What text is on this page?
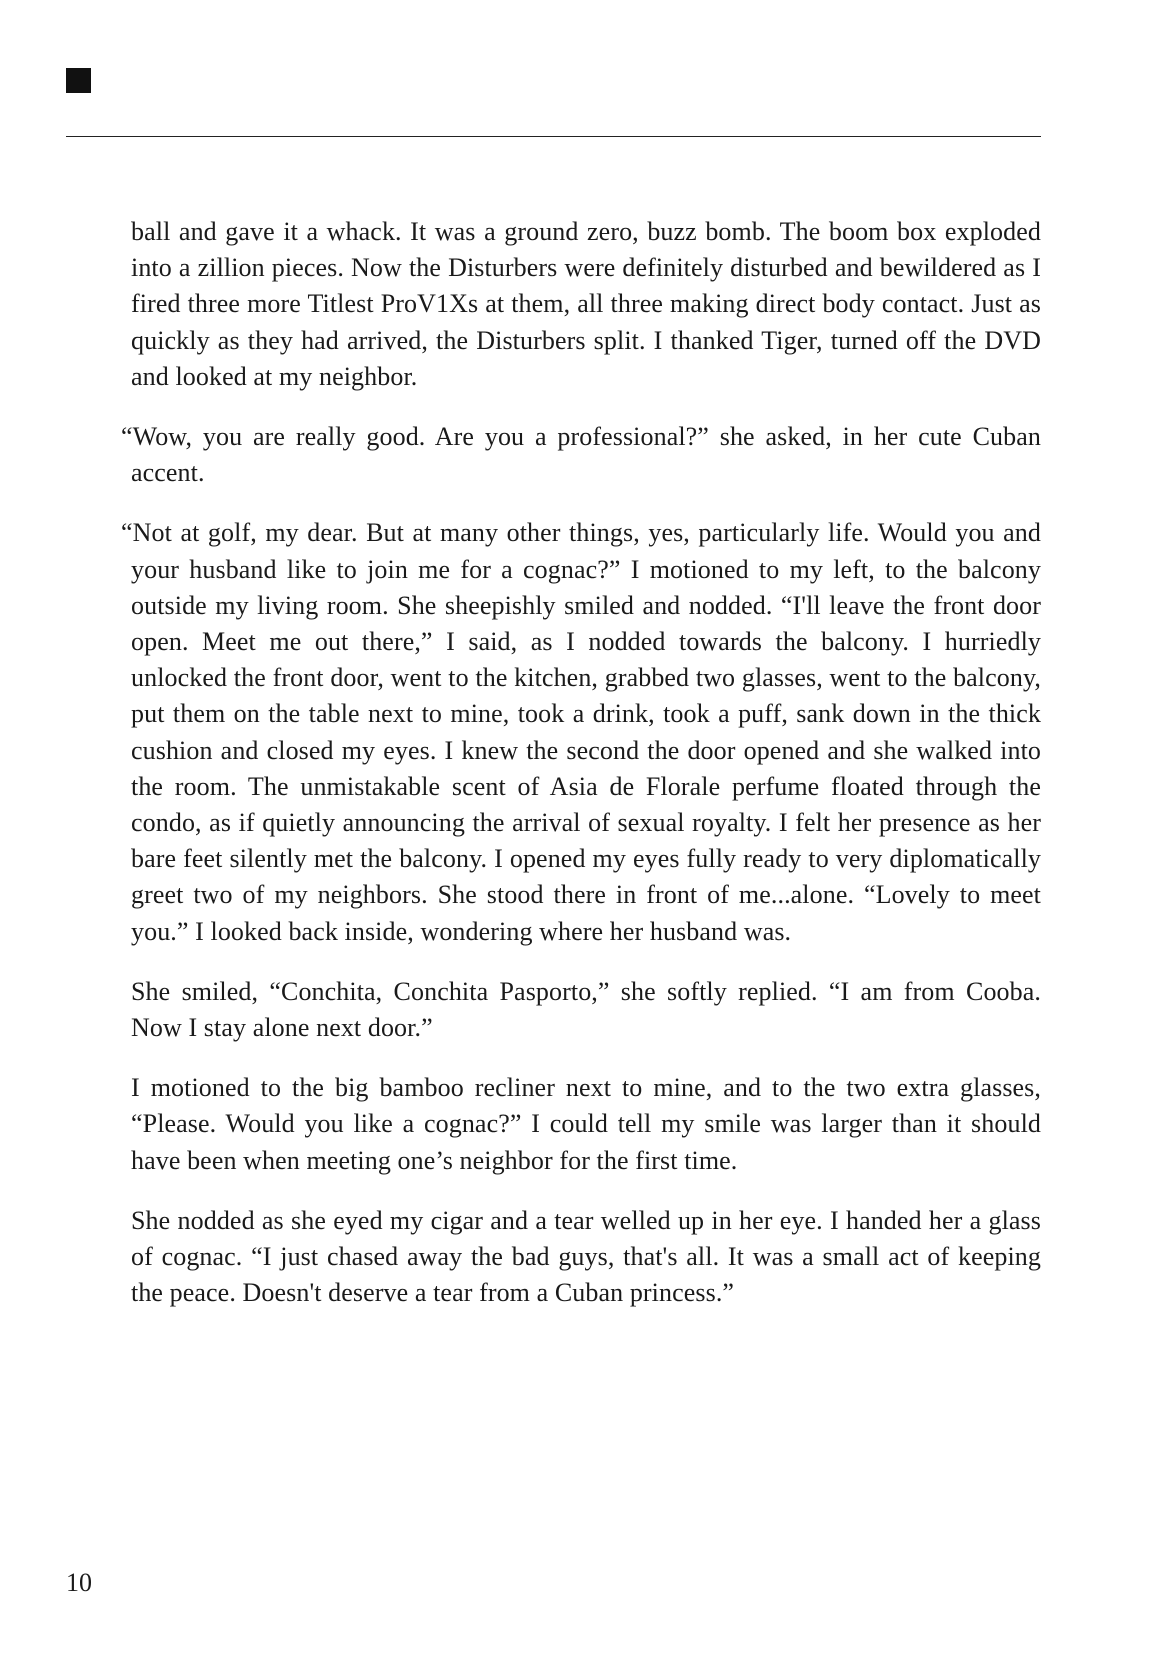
ball and gave it a whack. It was a ground zero, buzz bomb. The boom box exploded into a zillion pieces. Now the Disturbers were definitely disturbed and bewildered as I fired three more Titlest ProV1Xs at them, all three making direct body contact. Just as quickly as they had arrived, the Disturbers split. I thanked Tiger, turned off the DVD and looked at my neighbor.

“Wow, you are really good. Are you a professional?” she asked, in her cute Cuban accent.

“Not at golf, my dear. But at many other things, yes, particularly life. Would you and your husband like to join me for a cognac?” I motioned to my left, to the balcony outside my living room. She sheepishly smiled and nodded. “I'll leave the front door open. Meet me out there,” I said, as I nodded towards the balcony. I hurriedly unlocked the front door, went to the kitchen, grabbed two glasses, went to the balcony, put them on the table next to mine, took a drink, took a puff, sank down in the thick cushion and closed my eyes. I knew the second the door opened and she walked into the room. The unmistakable scent of Asia de Florale perfume floated through the condo, as if quietly announcing the arrival of sexual royalty. I felt her presence as her bare feet silently met the balcony. I opened my eyes fully ready to very diplomatically greet two of my neighbors. She stood there in front of me...alone. “Lovely to meet you.” I looked back inside, wondering where her husband was.

She smiled, “Conchita, Conchita Pasporto,” she softly replied. “I am from Cooba. Now I stay alone next door.”

I motioned to the big bamboo recliner next to mine, and to the two extra glasses, “Please. Would you like a cognac?” I could tell my smile was larger than it should have been when meeting one’s neighbor for the first time.

She nodded as she eyed my cigar and a tear welled up in her eye. I handed her a glass of cognac. “I just chased away the bad guys, that's all. It was a small act of keeping the peace. Doesn't deserve a tear from a Cuban princess.”

10
